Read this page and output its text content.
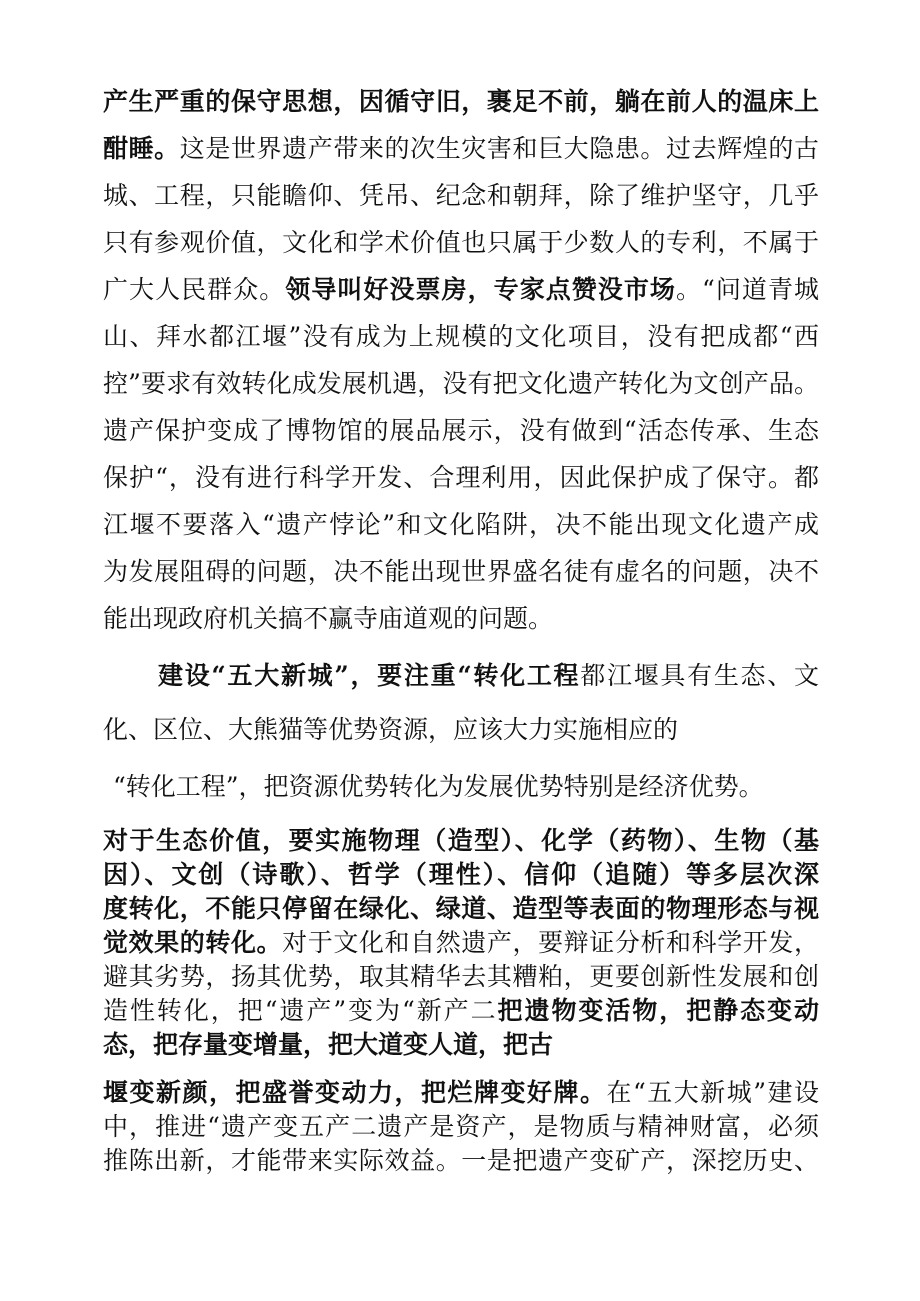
产生严重的保守思想，因循守旧，裹足不前，躺在前人的温床上

酣睡。这是世界遗产带来的次生灾害和巨大隐患。过去辉煌的古

城、工程，只能瞻仰、凭吊、纪念和朝拜，除了维护坚守，几乎

只有参观价值，文化和学术价值也只属于少数人的专利，不属于

广大人民群众。领导叫好没票房，专家点赞没市场。“问道青城

山、拜水都江堰”没有成为上规模的文化项目，没有把成都“西

控”要求有效转化成发展机遇，没有把文化遗产转化为文创产品。

遗产保护变成了博物馆的展品展示，没有做到“活态传承、生态

保护“，没有进行科学开发、合理利用，因此保护成了保守。都

江堰不要落入“遗产悖论”和文化陷阱，决不能出现文化遗产成

为发展阻碍的问题，决不能出现世界盛名徒有虚名的问题，决不

能出现政府机关搞不赢寺庙道观的问题。

建设“五大新城”，要注重“转化工程都江堰具有生态、文

化、区位、大熊猫等优势资源，应该大力实施相应的

“转化工程”，把资源优势转化为发展优势特别是经济优势。

对于生态价值，要实施物理（造型）、化学（药物）、生物（基

因）、文创（诗歌）、哲学（理性）、信仰（追随）等多层次深

度转化，不能只停留在绿化、绿道、造型等表面的物理形态与视

觉效果的转化。对于文化和自然遗产，要辩证分析和科学开发，

避其劣势，扬其优势，取其精华去其糟粕，更要创新性发展和创

造性转化，把“遗产”变为“新产二把遗物变活物，把静态变动

态，把存量变增量，把大道变人道，把古

堰变新颜，把盛誉变动力，把烂牌变好牌。在“五大新城”建设

中，推进“遗产变五产二遗产是资产，是物质与精神财富，必须

推陈出新，才能带来实际效益。一是把遗产变矿产，深挖历史、
